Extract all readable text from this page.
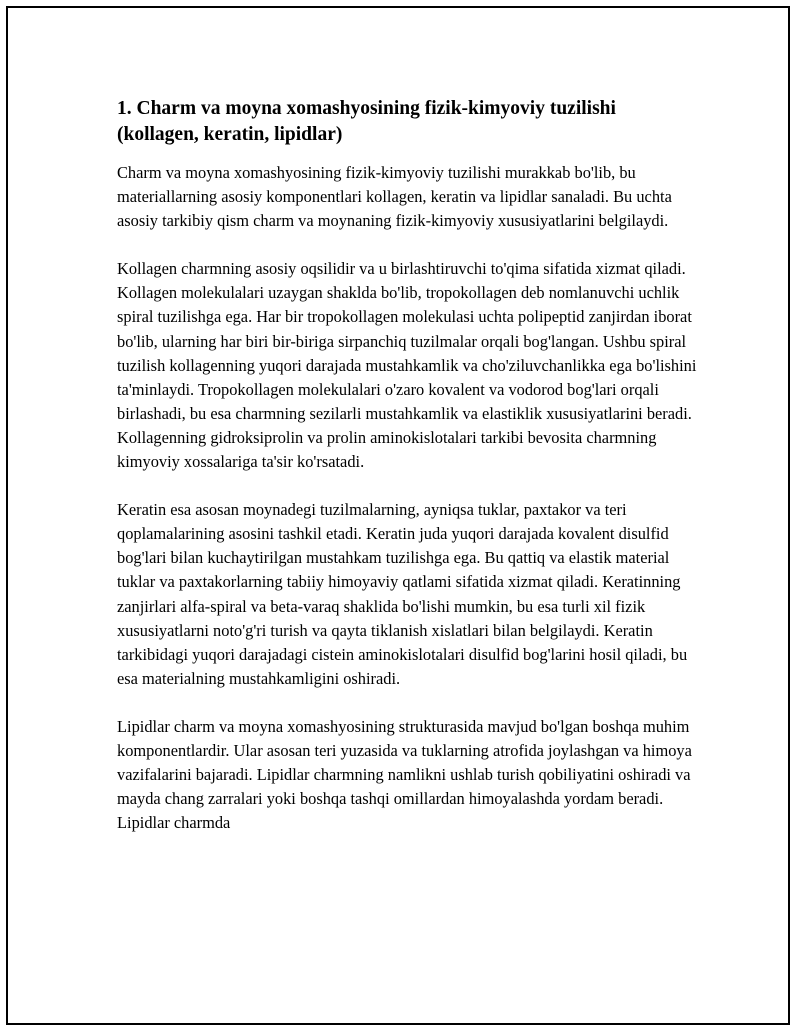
1. Charm va moyna xomashyosining fizik-kimyoviy tuzilishi (kollagen, keratin, lipidlar)

Charm va moyna xomashyosining fizik-kimyoviy tuzilishi murakkab bo'lib, bu materiallarning asosiy komponentlari kollagen, keratin va lipidlar sanaladi. Bu uchta asosiy tarkibiy qism charm va moynaning fizik-kimyoviy xususiyatlarini belgilaydi.

Kollagen charmning asosiy oqsilidir va u birlashtiruvchi to'qima sifatida xizmat qiladi. Kollagen molekulalari uzaygan shaklda bo'lib, tropokollagen deb nomlanuvchi uchlik spiral tuzilishga ega. Har bir tropokollagen molekulasi uchta polipeptid zanjirdan iborat bo'lib, ularning har biri bir-biriga sirpanchiq tuzilmalar orqali bog'langan. Ushbu spiral tuzilish kollagenning yuqori darajada mustahkamlik va cho'ziluvchanlikka ega bo'lishini ta'minlaydi. Tropokollagen molekulalari o'zaro kovalent va vodorod bog'lari orqali birlashadi, bu esa charmning sezilarli mustahkamlik va elastiklik xususiyatlarini beradi. Kollagenning gidroksiprolin va prolin aminokislotalari tarkibi bevosita charmning kimyoviy xossalariga ta'sir ko'rsatadi.

Keratin esa asosan moynadegi tuzilmalarning, ayniqsa tuklar, paxtakor va teri qoplamalarining asosini tashkil etadi. Keratin juda yuqori darajada kovalent disulfid bog'lari bilan kuchaytirilgan mustahkam tuzilishga ega. Bu qattiq va elastik material tuklar va paxtakorlarning tabiiy himoyaviy qatlami sifatida xizmat qiladi. Keratinning zanjirlari alfa-spiral va beta-varaq shaklida bo'lishi mumkin, bu esa turli xil fizik xususiyatlarni noto'g'ri turish va qayta tiklanish xislatlari bilan belgilaydi. Keratin tarkibidagi yuqori darajadagi cistein aminokislotalari disulfid bog'larini hosil qiladi, bu esa materialning mustahkamligini oshiradi.

Lipidlar charm va moyna xomashyosining strukturasida mavjud bo'lgan boshqa muhim komponentlardir. Ular asosan teri yuzasida va tuklarning atrofida joylashgan va himoya vazifalarini bajaradi. Lipidlar charmning namlikni ushlab turish qobiliyatini oshiradi va mayda chang zarralari yoki boshqa tashqi omillardan himoyalashda yordam beradi. Lipidlar charmda
